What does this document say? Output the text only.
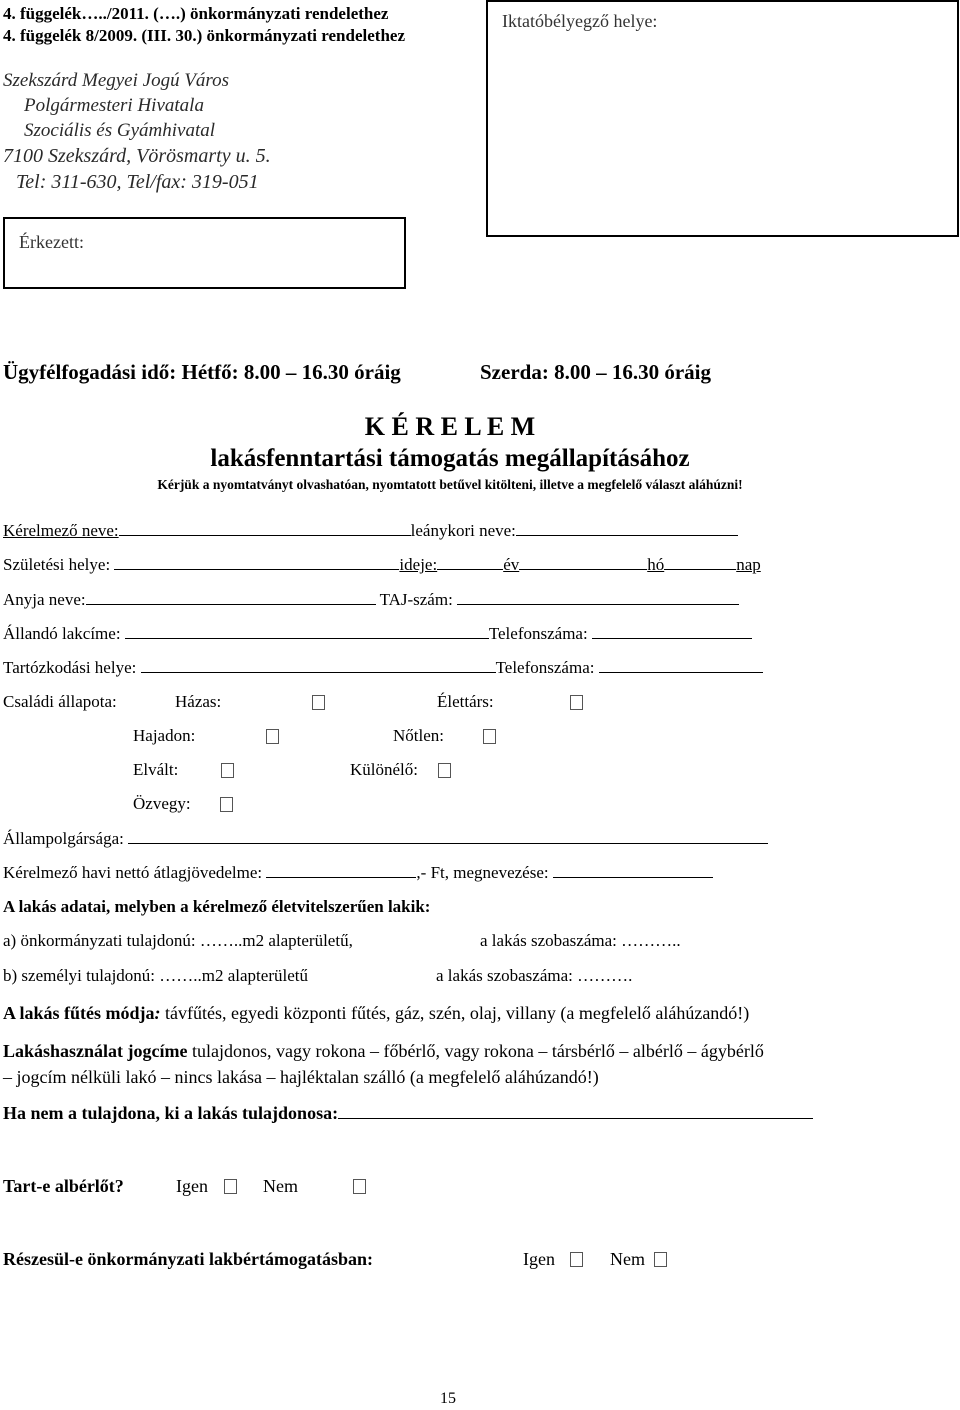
4. függelék…../2011. (….) önkormányzati rendelethez
4. függelék 8/2009. (III. 30.) önkormányzati rendelethez
Iktatóbélyegző helye:
Szekszárd Megyei Jogú Város
Polgármesteri Hivatala
Szociális és Gyámhivatal
7100 Szekszárd, Vörösmarty u. 5.
Tel: 311-630, Tel/fax: 319-051
Érkezett:
Ügyfélfogadási idő: Hétfő: 8.00 – 16.30 óráig	Szerda: 8.00 – 16.30 óráig
K É R E L E M
lakásfenntartási támogatás megállapításához
Kérjük a nyomtatványt olvashatóan, nyomtatott betűvel kitölteni, illetve a megfelelő választ aláhúzni!
Kérelmező neve:	leánykori neve:
Születési helye:	ideje:	év	hó	nap
Anyja neve:	TAJ-szám:
Állandó lakcíme:	Telefonszáma:
Tartózkodási helye:	Telefonszáma:
Családi állapota:	Házas:	Élettárs:
Hajadon:	Nőtlen:
Elvált:	Különélő:
Özvegy:
Állampolgársága:
Kérelmező havi nettó átlagjövedelme:	,- Ft, megnevezése:
A lakás adatai, melyben a kérelmező életvitelszerűen lakik:
a) önkormányzati tulajdonú: ……..m2 alapterületű,	a lakás szobaszáma: ………..
b) személyi tulajdonú: ……..m2 alapterületű	a lakás szobaszáma: ……….
A lakás fűtés módja: távfűtés, egyedi központi fűtés, gáz, szén, olaj, villany (a megfelelő aláhúzandó!)
Lakáshasználat jogcíme tulajdonos, vagy rokona – főbérlő, vagy rokona – társbérlő – albérlő – ágybérlő
– jogcím nélküli lakó – nincs lakása – hajléktalan szálló (a megfelelő aláhúzandó!)
Ha nem a tulajdona, ki a lakás tulajdonosa:
Tart-e albérlőt?	Igen	Nem
Részesül-e önkormányzati lakbértámogatásban:	Igen	Nem
15
